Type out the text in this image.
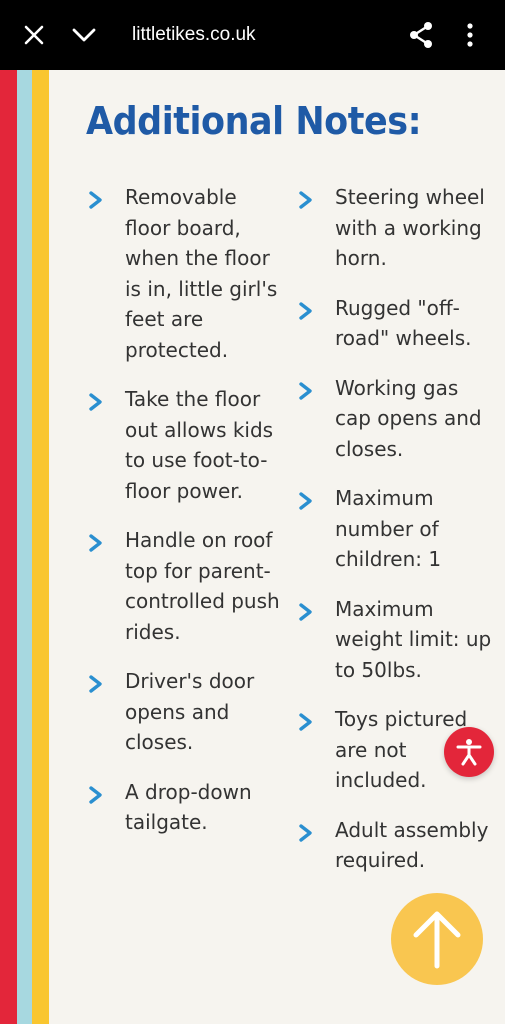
littletikes.co.uk
Additional Notes:
Removable floor board, when the floor is in, little girl's feet are protected.
Take the floor out allows kids to use foot-to-floor power.
Handle on roof top for parent-controlled push rides.
Driver's door opens and closes.
A drop-down tailgate.
Steering wheel with a working horn.
Rugged "off-road" wheels.
Working gas cap opens and closes.
Maximum number of children: 1
Maximum weight limit: up to 50lbs.
Toys pictured are not included.
Adult assembly required.
